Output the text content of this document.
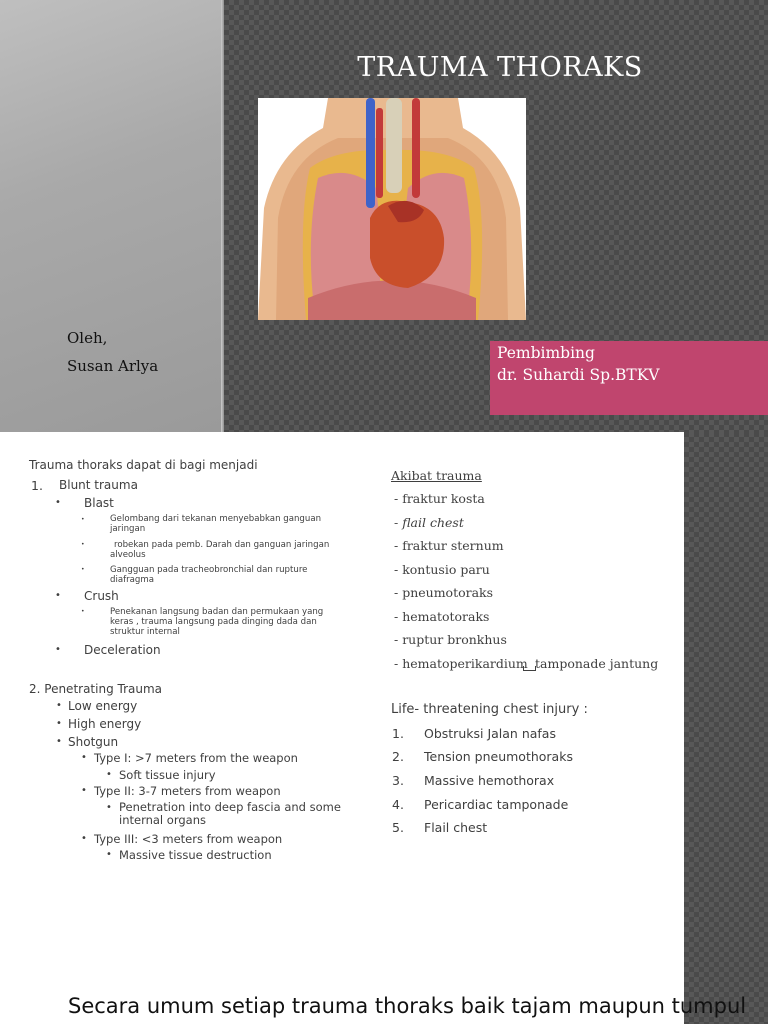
TRAUMA THORAKS
Oleh,
Susan Arlya
Pembimbing
dr. Suhardi Sp.BTKV
Trauma thoraks dapat di bagi menjadi
1. Blunt trauma
• Blast
•	Gelombang dari tekanan menyebabkan ganguan
jaringan
•	robekan pada pemb. Darah dan ganguan jaringan
alveolus
•	Gangguan pada tracheobronchial dan rupture
diafragma
• Crush
•	Penekanan langsung badan dan permukaan yang
keras , trauma langsung pada dinging dada dan
struktur internal
• Deceleration
2. Penetrating Trauma
• Low energy
• High energy
• Shotgun
• Type I: >7 meters from the weapon
• Soft tissue injury
• Type II: 3-7 meters from weapon
• Penetration into deep fascia and some
internal organs
• Type III: <3 meters from weapon
• Massive tissue destruction
Akibat trauma
- fraktur kosta
- flail chest
- fraktur sternum
- kontusio paru
- pneumotoraks
- hematotoraks
- ruptur bronkhus
- hematoperikardium tamponade jantung
Life- threatening chest injury :
1. Obstruksi Jalan nafas
2. Tension pneumothoraks
3. Massive hemothorax
4. Pericardiac tamponade
5. Flail chest
Secara umum setiap trauma thoraks baik tajam maupun tumpul
